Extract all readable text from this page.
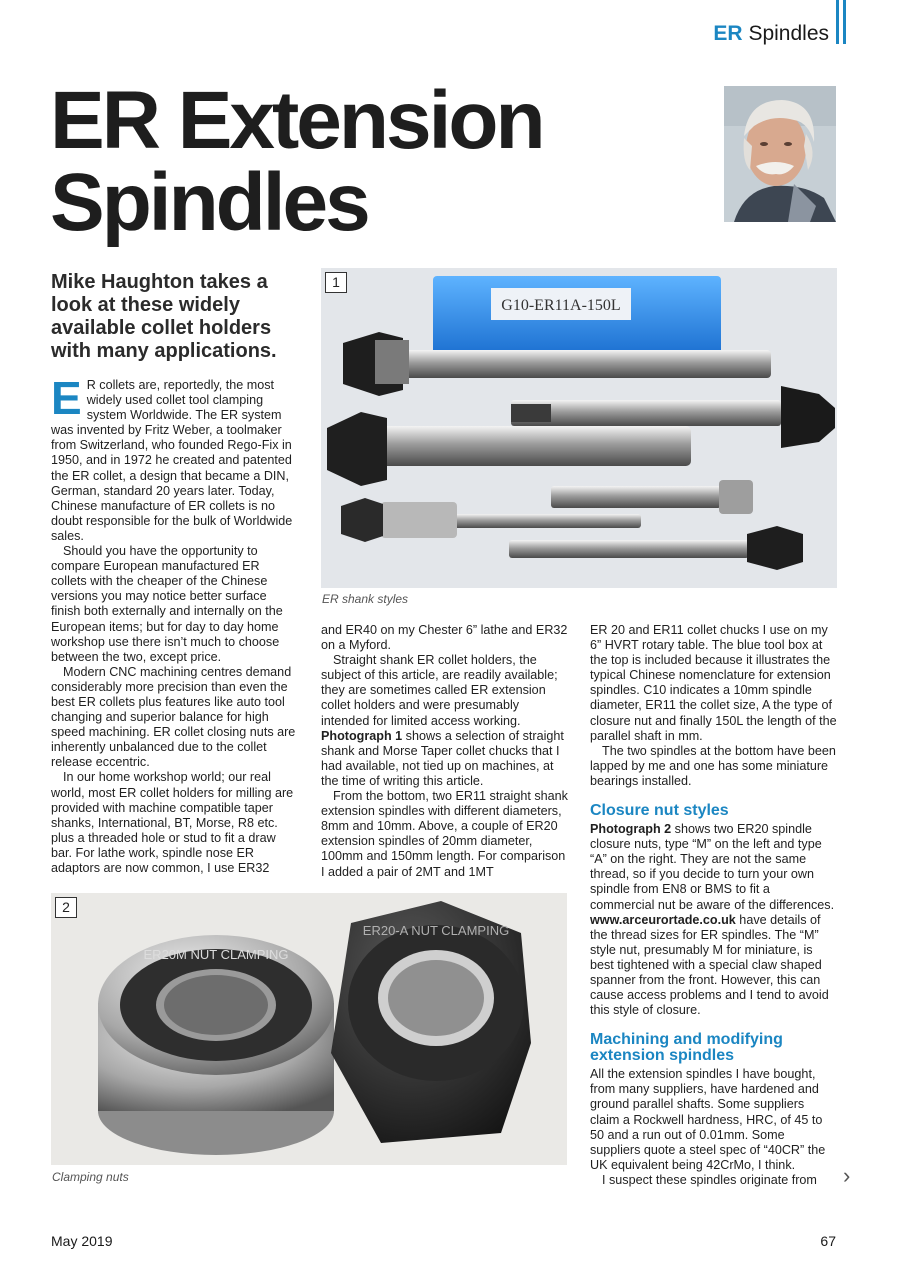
ER Spindles
ER Extension
Spindles

Mike Haughton takes a look at these widely available collet holders with many applications.

E R collets are, reportedly, the most widely used collet tool clamping system Worldwide. The ER system was invented by Fritz Weber, a toolmaker from Switzerland, who founded Rego-Fix in 1950, and in 1972 he created and patented the ER collet, a design that became a DIN, German, standard 20 years later. Today, Chinese manufacture of ER collets is no doubt responsible for the bulk of Worldwide sales.

Should you have the opportunity to compare European manufactured ER collets with the cheaper of the Chinese versions you may notice better surface finish both externally and internally on the European items; but for day to day home workshop use there isn’t much to choose between the two, except price.

Modern CNC machining centres demand considerably more precision than even the best ER collets plus features like auto tool changing and superior balance for high speed machining. ER collet closing nuts are inherently unbalanced due to the collet release eccentric.

In our home workshop world; our real world, most ER collet holders for milling are provided with machine compatible taper shanks, International, BT, Morse, R8 etc. plus a threaded hole or stud to fit a draw bar. For lathe work, spindle nose ER adaptors are now common, I use ER32

G10-ER11A-150L
1
ER shank styles

and ER40 on my Chester 6” lathe and ER32 on a Myford.

Straight shank ER collet holders, the subject of this article, are readily available; they are sometimes called ER extension collet holders and were presumably intended for limited access working. Photograph 1 shows a selection of straight shank and Morse Taper collet chucks that I had available, not tied up on machines, at the time of writing this article.

From the bottom, two ER11 straight shank extension spindles with different diameters, 8mm and 10mm. Above, a couple of ER20 extension spindles of 20mm diameter, 100mm and 150mm length. For comparison I added a pair of 2MT and 1MT

ER20M NUT CLAMPING
ER20-A NUT CLAMPING
2
Clamping nuts

ER 20 and ER11 collet chucks I use on my 6” HVRT rotary table. The blue tool box at the top is included because it illustrates the typical Chinese nomenclature for extension spindles. C10 indicates a 10mm spindle diameter, ER11 the collet size, A the type of closure nut and finally 150L the length of the parallel shaft in mm.

The two spindles at the bottom have been lapped by me and one has some miniature bearings installed.

Closure nut styles

Photograph 2 shows two ER20 spindle closure nuts, type “M” on the left and type “A” on the right. They are not the same thread, so if you decide to turn your own spindle from EN8 or BMS to fit a commercial nut be aware of the differences. www.arceurortade.co.uk have details of the thread sizes for ER spindles. The “M” style nut, presumably M for miniature, is best tightened with a special claw shaped spanner from the front. However, this can cause access problems and I tend to avoid this style of closure.

Machining and modifying extension spindles

All the extension spindles I have bought, from many suppliers, have hardened and ground parallel shafts. Some suppliers claim a Rockwell hardness, HRC, of 45 to 50 and a run out of 0.01mm. Some suppliers quote a steel spec of “40CR” the UK equivalent being 42CrMo, I think.

I suspect these spindles originate from	›
May 2019	67
